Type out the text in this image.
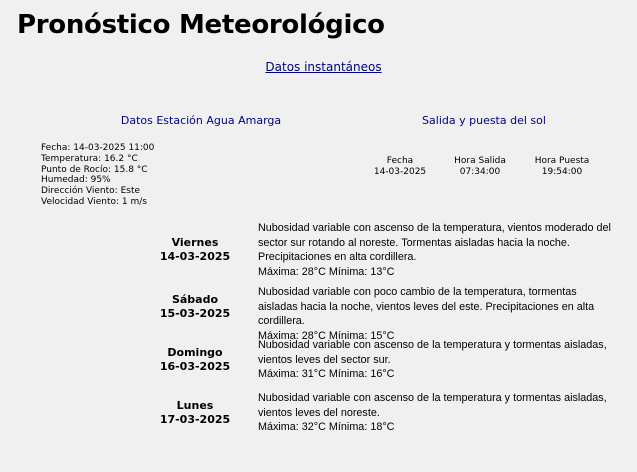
Pronóstico Meteorológico
Datos instantáneos
Datos Estación Agua Amarga	Salida y puesta del sol
Fecha: 14-03-2025 11:00
Temperatura: 16.2 °C
Punto de Rocío: 15.8 °C
Humedad: 95%
Dirección Viento: Este
Velocidad Viento: 1 m/s
Fecha
14-03-2025
Hora Salida
07:34:00
Hora Puesta
19:54:00
Viernes
14-03-2025
Nubosidad variable con ascenso de la temperatura, vientos moderado del sector sur rotando al noreste. Tormentas aisladas hacia la noche. Precipitaciones en alta cordillera.
Máxima: 28°C Mínima: 13°C
Sábado
15-03-2025
Nubosidad variable con poco cambio de la temperatura, tormentas aisladas hacia la noche, vientos leves del este. Precipitaciones en alta cordillera.
Máxima: 28°C Mínima: 15°C
Domingo
16-03-2025
Nubosidad variable con ascenso de la temperatura y tormentas aisladas, vientos leves del sector sur.
Máxima: 31°C Mínima: 16°C
Lunes
17-03-2025
Nubosidad variable con ascenso de la temperatura y tormentas aisladas, vientos leves del noreste.
Máxima: 32°C Mínima: 18°C
